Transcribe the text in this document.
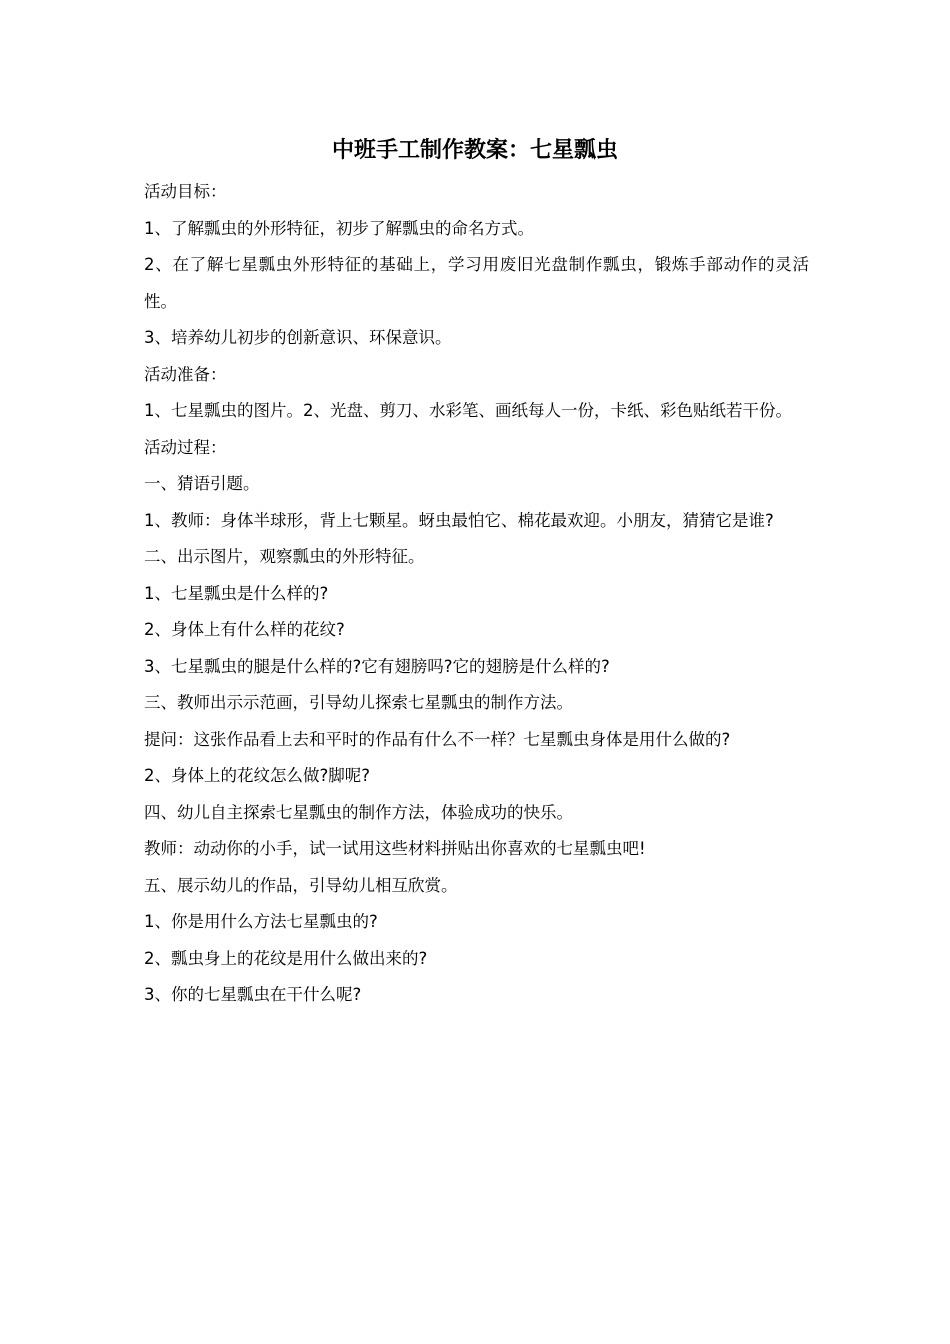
中班手工制作教案：七星瓢虫

活动目标：

1、了解瓢虫的外形特征，初步了解瓢虫的命名方式。

2、在了解七星瓢虫外形特征的基础上，学习用废旧光盘制作瓢虫，锻炼手部动作的灵活性。

3、培养幼儿初步的创新意识、环保意识。

活动准备：

1、七星瓢虫的图片。2、光盘、剪刀、水彩笔、画纸每人一份，卡纸、彩色贴纸若干份。

活动过程：

一、猜语引题。

1、教师：身体半球形，背上七颗星。蚜虫最怕它、棉花最欢迎。小朋友，猜猜它是谁?

二、出示图片，观察瓢虫的外形特征。

1、七星瓢虫是什么样的?

2、身体上有什么样的花纹?

3、七星瓢虫的腿是什么样的?它有翅膀吗?它的翅膀是什么样的?

三、教师出示示范画，引导幼儿探索七星瓢虫的制作方法。

提问：这张作品看上去和平时的作品有什么不一样？七星瓢虫身体是用什么做的?

2、身体上的花纹怎么做?脚呢?

四、幼儿自主探索七星瓢虫的制作方法，体验成功的快乐。

教师：动动你的小手，试一试用这些材料拼贴出你喜欢的七星瓢虫吧!

五、展示幼儿的作品，引导幼儿相互欣赏。

1、你是用什么方法七星瓢虫的?

2、瓢虫身上的花纹是用什么做出来的?

3、你的七星瓢虫在干什么呢?
